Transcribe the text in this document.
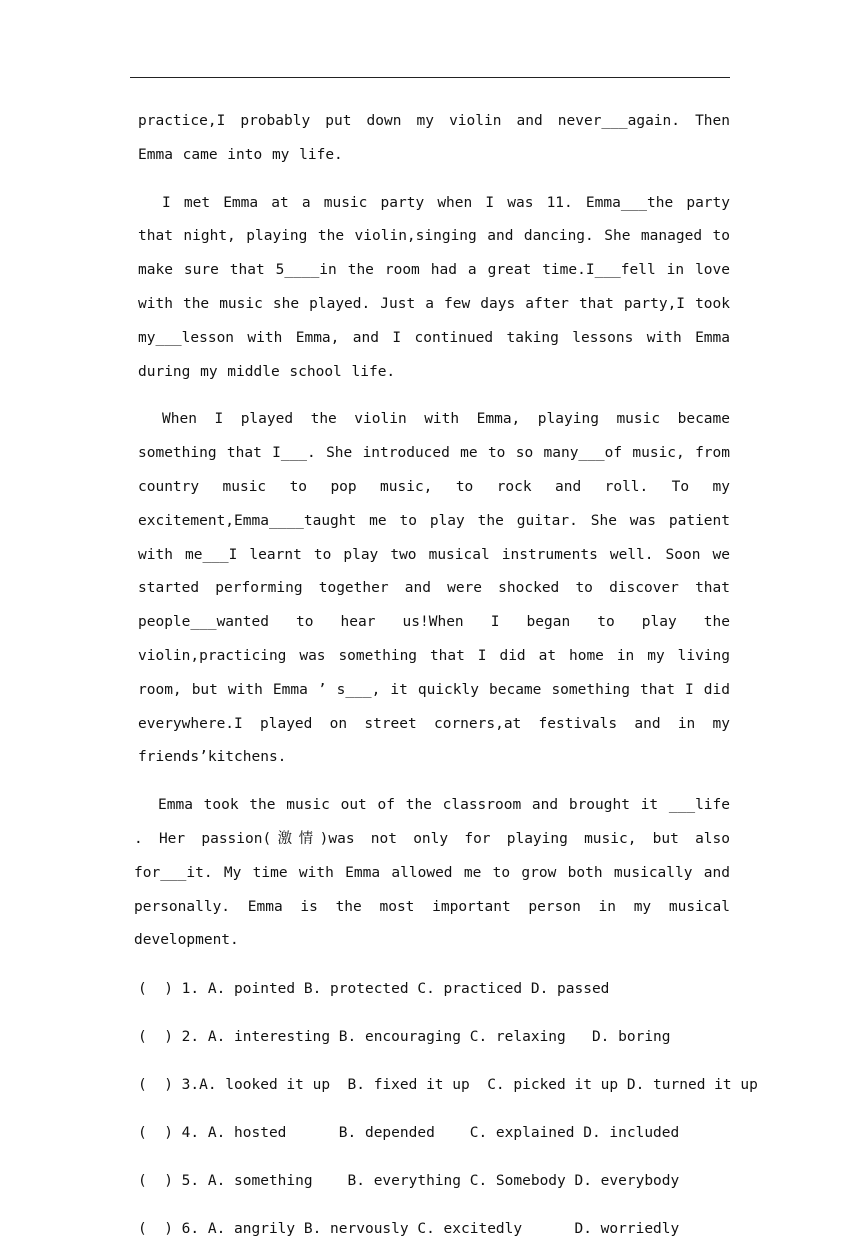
practice,I probably put down my violin and never___again. Then Emma came into my life.

I met Emma at a music party when I was 11. Emma___the party that night, playing the violin,singing and dancing. She managed to make sure that 5____in the room had a great time.I___fell in love with the music she played. Just a few days after that party,I took my___lesson with Emma, and I continued taking lessons with Emma during my middle school life.

When I played the violin with Emma, playing music became something that I___. She introduced me to so many___of music, from country music to pop music, to rock and roll. To my excitement,Emma____taught me to play the guitar. She was patient with me___I learnt to play two musical instruments well. Soon we started performing together and were shocked to discover that people___wanted to hear us!When I began to play the violin,practicing was something that I did at home in my living room, but with Emma ’ s___, it quickly became something that I did everywhere.I played on street corners,at festivals and in my friends’kitchens.

Emma took the music out of the classroom and brought it ___life . Her passion(激情)was not only for playing music, but also for___it. My time with Emma allowed me to grow both musically and personally. Emma is the most important person in my musical development.

(  ) 1. A. pointed B. protected C. practiced D. passed
(  ) 2. A. interesting B. encouraging C. relaxing   D. boring
(  ) 3.A. looked it up  B. fixed it up  C. picked it up D. turned it up
(  ) 4. A. hosted      B. depended    C. explained D. included
(  ) 5. A. something    B. everything C. Somebody D. everybody
(  ) 6. A. angrily B. nervously C. excitedly      D. worriedly
